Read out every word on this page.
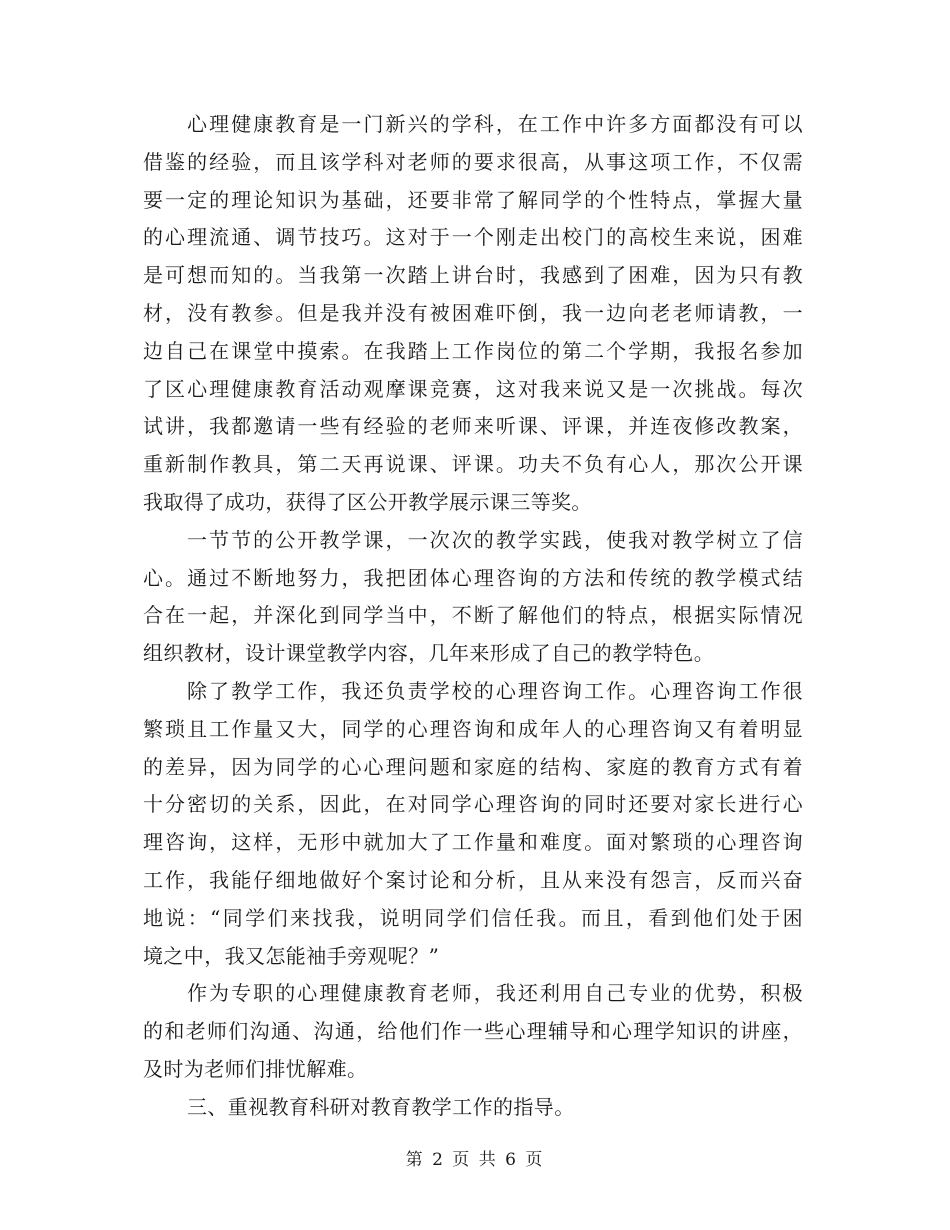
心理健康教育是一门新兴的学科，在工作中许多方面都没有可以
借鉴的经验，而且该学科对老师的要求很高，从事这项工作，不仅需
要一定的理论知识为基础，还要非常了解同学的个性特点，掌握大量
的心理流通、调节技巧。这对于一个刚走出校门的高校生来说，困难
是可想而知的。当我第一次踏上讲台时，我感到了困难，因为只有教
材，没有教参。但是我并没有被困难吓倒，我一边向老老师请教，一
边自己在课堂中摸索。在我踏上工作岗位的第二个学期，我报名参加
了区心理健康教育活动观摩课竞赛，这对我来说又是一次挑战。每次
试讲，我都邀请一些有经验的老师来听课、评课，并连夜修改教案，
重新制作教具，第二天再说课、评课。功夫不负有心人，那次公开课
我取得了成功，获得了区公开教学展示课三等奖。
一节节的公开教学课，一次次的教学实践，使我对教学树立了信
心。通过不断地努力，我把团体心理咨询的方法和传统的教学模式结
合在一起，并深化到同学当中，不断了解他们的特点，根据实际情况
组织教材，设计课堂教学内容，几年来形成了自己的教学特色。
除了教学工作，我还负责学校的心理咨询工作。心理咨询工作很
繁琐且工作量又大，同学的心理咨询和成年人的心理咨询又有着明显
的差异，因为同学的心心理问题和家庭的结构、家庭的教育方式有着
十分密切的关系，因此，在对同学心理咨询的同时还要对家长进行心
理咨询，这样，无形中就加大了工作量和难度。面对繁琐的心理咨询
工作，我能仔细地做好个案讨论和分析，且从来没有怨言，反而兴奋
地说：“同学们来找我，说明同学们信任我。而且，看到他们处于困
境之中，我又怎能袖手旁观呢？”
作为专职的心理健康教育老师，我还利用自己专业的优势，积极
的和老师们沟通、沟通，给他们作一些心理辅导和心理学知识的讲座，
及时为老师们排忧解难。
三、重视教育科研对教育教学工作的指导。
第 2 页 共 6 页
